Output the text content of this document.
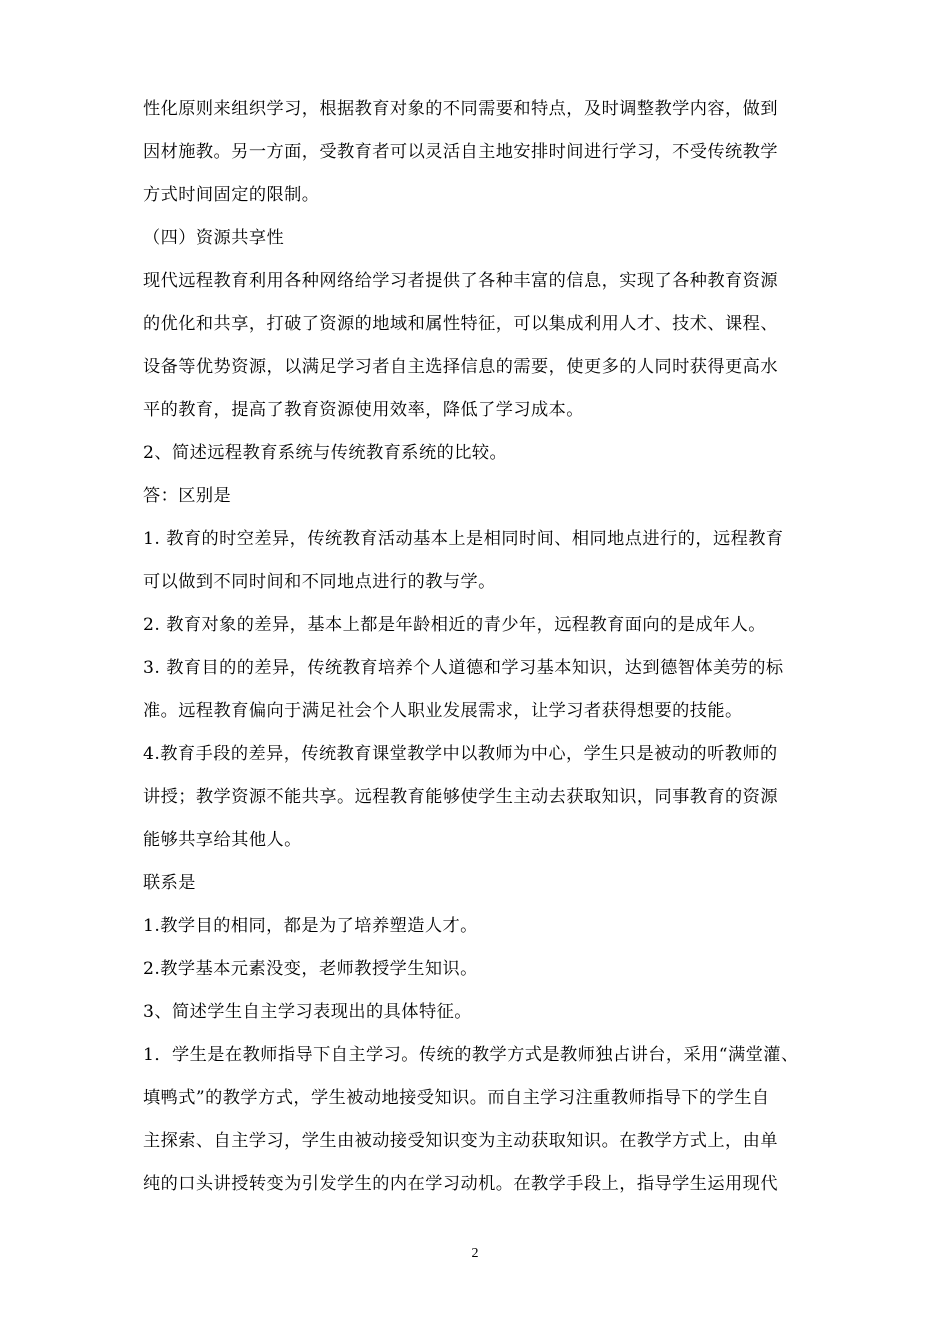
性化原则来组织学习，根据教育对象的不同需要和特点，及时调整教学内容，做到

因材施教。另一方面，受教育者可以灵活自主地安排时间进行学习，不受传统教学

方式时间固定的限制。

（四）资源共享性

现代远程教育利用各种网络给学习者提供了各种丰富的信息，实现了各种教育资源

的优化和共享，打破了资源的地域和属性特征，可以集成利用人才、技术、课程、

设备等优势资源，以满足学习者自主选择信息的需要，使更多的人同时获得更高水

平的教育，提高了教育资源使用效率，降低了学习成本。

2、简述远程教育系统与传统教育系统的比较。

答：区别是

1. 教育的时空差异，传统教育活动基本上是相同时间、相同地点进行的，远程教育

可以做到不同时间和不同地点进行的教与学。

2. 教育对象的差异，基本上都是年龄相近的青少年，远程教育面向的是成年人。

3. 教育目的的差异，传统教育培养个人道德和学习基本知识，达到德智体美劳的标

准。远程教育偏向于满足社会个人职业发展需求，让学习者获得想要的技能。

4.教育手段的差异，传统教育课堂教学中以教师为中心，学生只是被动的听教师的

讲授；教学资源不能共享。远程教育能够使学生主动去获取知识，同事教育的资源

能够共享给其他人。

联系是

1.教学目的相同，都是为了培养塑造人才。

2.教学基本元素没变，老师教授学生知识。

3、简述学生自主学习表现出的具体特征。

1．学生是在教师指导下自主学习。传统的教学方式是教师独占讲台，采用“满堂灌、

填鸭式”的教学方式，学生被动地接受知识。而自主学习注重教师指导下的学生自

主探索、自主学习，学生由被动接受知识变为主动获取知识。在教学方式上，由单

纯的口头讲授转变为引发学生的内在学习动机。在教学手段上，指导学生运用现代

2
